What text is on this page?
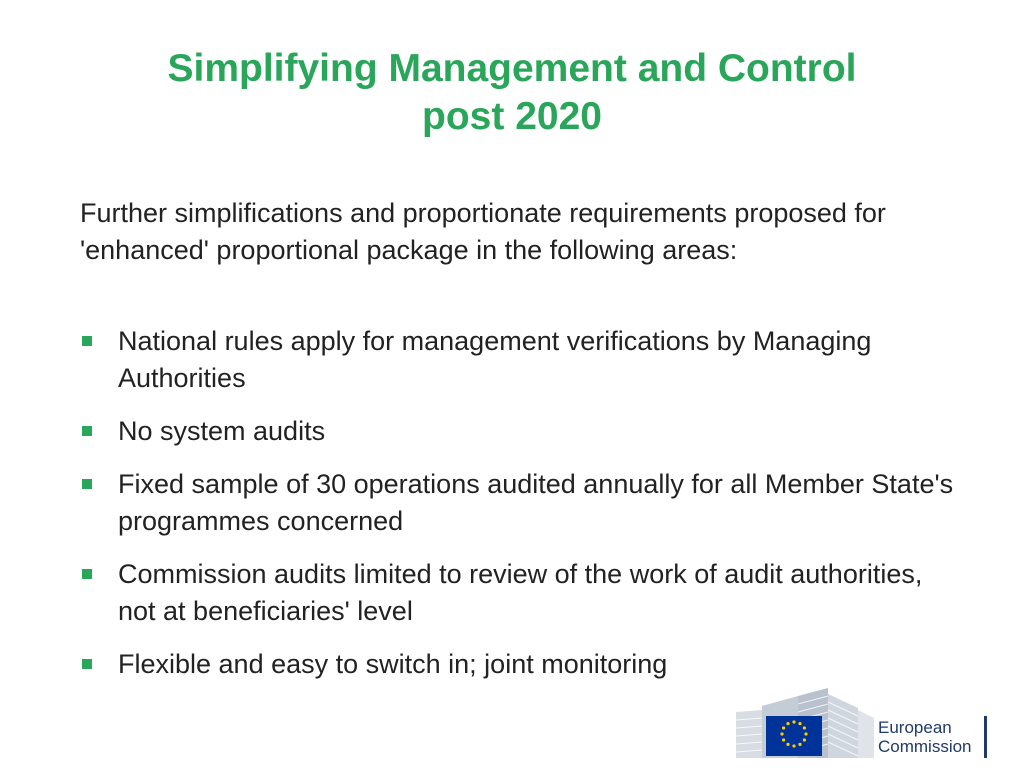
Simplifying Management and Control
post 2020
Further simplifications and proportionate requirements proposed for 'enhanced' proportional package in the following areas:
National rules apply for management verifications by Managing Authorities
No system audits
Fixed sample of 30 operations audited annually for all Member State's programmes concerned
Commission audits limited to review of the work of audit authorities, not at beneficiaries' level
Flexible and easy to switch in; joint monitoring
European
Commission
